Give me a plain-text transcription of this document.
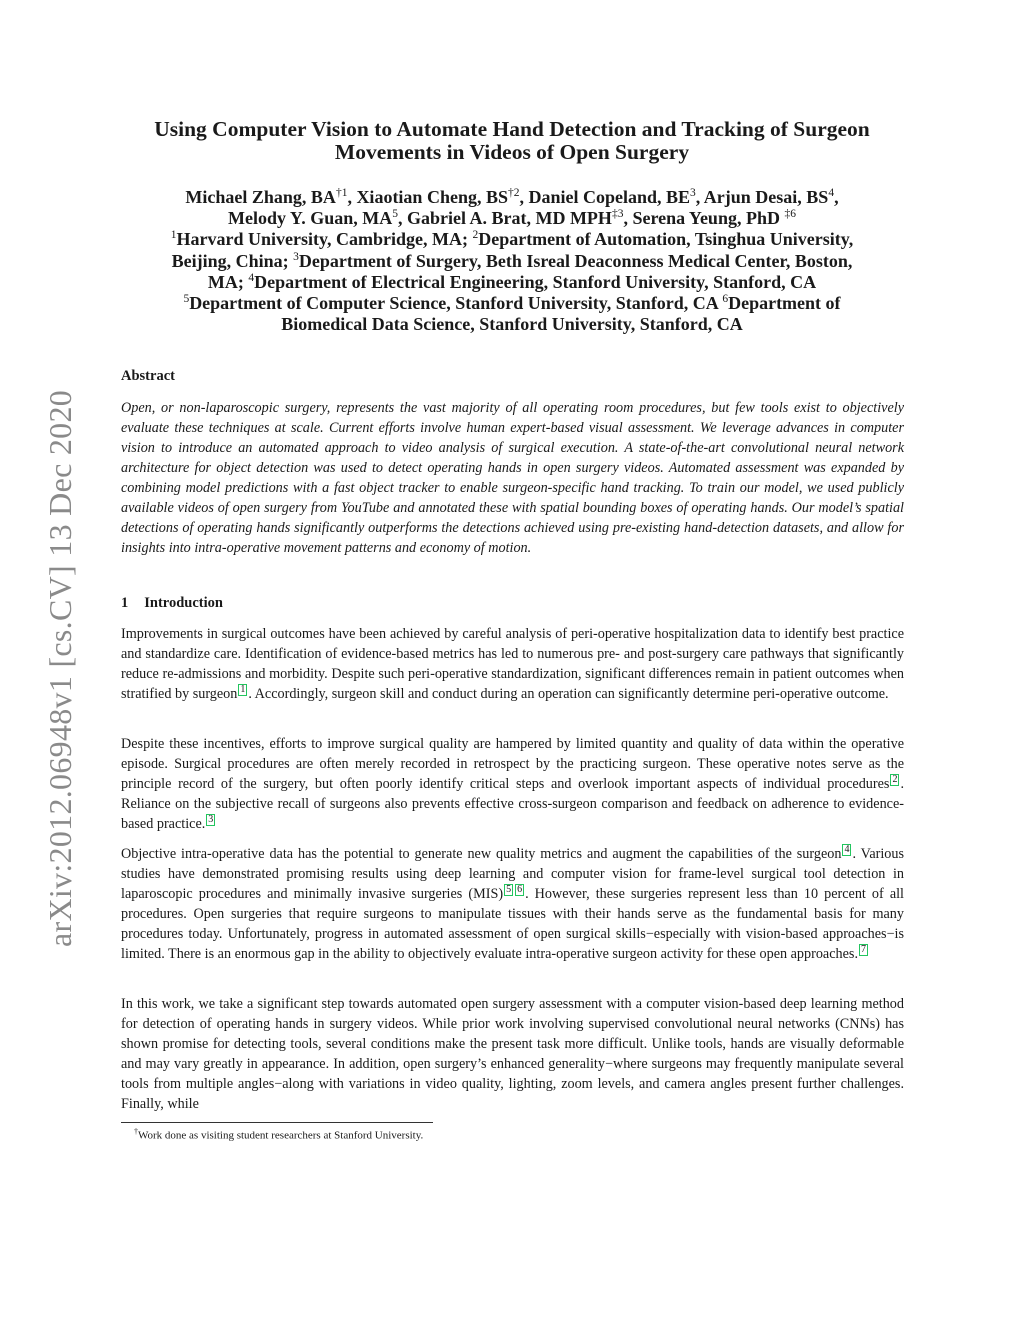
arXiv:2012.06948v1 [cs.CV] 13 Dec 2020
Using Computer Vision to Automate Hand Detection and Tracking of Surgeon
Movements in Videos of Open Surgery
Michael Zhang, BA$^{\dagger 1}$, Xiaotian Cheng, BS$^{\dagger 2}$, Daniel Copeland, $BE^3$, Arjun Desai, $BS^4$,
Melody Y. Guan, $MA^5$, Gabriel A. Brat, MD MPH$^{\ddagger 3}$, Serena Yeung, PhD $^{\ddagger 6}$
$^1$Harvard University, Cambridge, MA; $^2$Department of Automation, Tsinghua University,
Beijing, China; $^3$Department of Surgery, Beth Isreal Deaconness Medical Center, Boston,
MA; $^4$Department of Electrical Engineering, Stanford University, Stanford, CA
$^5$Department of Computer Science, Stanford University, Stanford, CA $^6$Department of
Biomedical Data Science, Stanford University, Stanford, CA
Abstract
Open, or non-laparoscopic surgery, represents the vast majority of all operating room procedures, but few tools exist to objectively evaluate these techniques at scale. Current efforts involve human expert-based visual assessment. We leverage advances in computer vision to introduce an automated approach to video analysis of surgical execution. A state-of-the-art convolutional neural network architecture for object detection was used to detect operating hands in open surgery videos. Automated assessment was expanded by combining model predictions with a fast object tracker to enable surgeon-specific hand tracking. To train our model, we used publicly available videos of open surgery from YouTube and annotated these with spatial bounding boxes of operating hands. Our model’s spatial detections of operating hands significantly outperforms the detections achieved using pre-existing hand-detection datasets, and allow for insights into intra-operative movement patterns and economy of motion.
1 Introduction
Improvements in surgical outcomes have been achieved by careful analysis of peri-operative hospitalization data to identify best practice and standardize care. Identification of evidence-based metrics has led to numerous pre- and post-surgery care pathways that significantly reduce re-admissions and morbidity. Despite such peri-operative standardization, significant differences remain in patient outcomes when stratified by surgeon 1 . Accordingly, surgeon skill and conduct during an operation can significantly determine peri-operative outcome.
Despite these incentives, efforts to improve surgical quality are hampered by limited quantity and quality of data within the operative episode. Surgical procedures are often merely recorded in retrospect by the practicing surgeon. These operative notes serve as the principle record of the surgery, but often poorly identify critical steps and overlook important aspects of individual procedures 2 . Reliance on the subjective recall of surgeons also prevents effective cross-surgeon comparison and feedback on adherence to evidence-based practice. 3
Objective intra-operative data has the potential to generate new quality metrics and augment the capabilities of the surgeon 4 . Various studies have demonstrated promising results using deep learning and computer vision for frame-level surgical tool detection in laparoscopic procedures and minimally invasive surgeries (MIS) 5 6 . However, these surgeries represent less than 10 percent of all procedures. Open surgeries that require surgeons to manipulate tissues with their hands serve as the fundamental basis for many procedures today. Unfortunately, progress in automated assessment of open surgical skills−especially with vision-based approaches−is limited. There is an enormous gap in the ability to objectively evaluate intra-operative surgeon activity for these open approaches. 7
In this work, we take a significant step towards automated open surgery assessment with a computer vision-based deep learning method for detection of operating hands in surgery videos. While prior work involving supervised convolutional neural networks (CNNs) has shown promise for detecting tools, several conditions make the present task more difficult. Unlike tools, hands are visually deformable and may vary greatly in appearance. In addition, open surgery’s enhanced generality−where surgeons may frequently manipulate several tools from multiple angles−along with variations in video quality, lighting, zoom levels, and camera angles present further challenges. Finally, while
†Work done as visiting student researchers at Stanford University.
